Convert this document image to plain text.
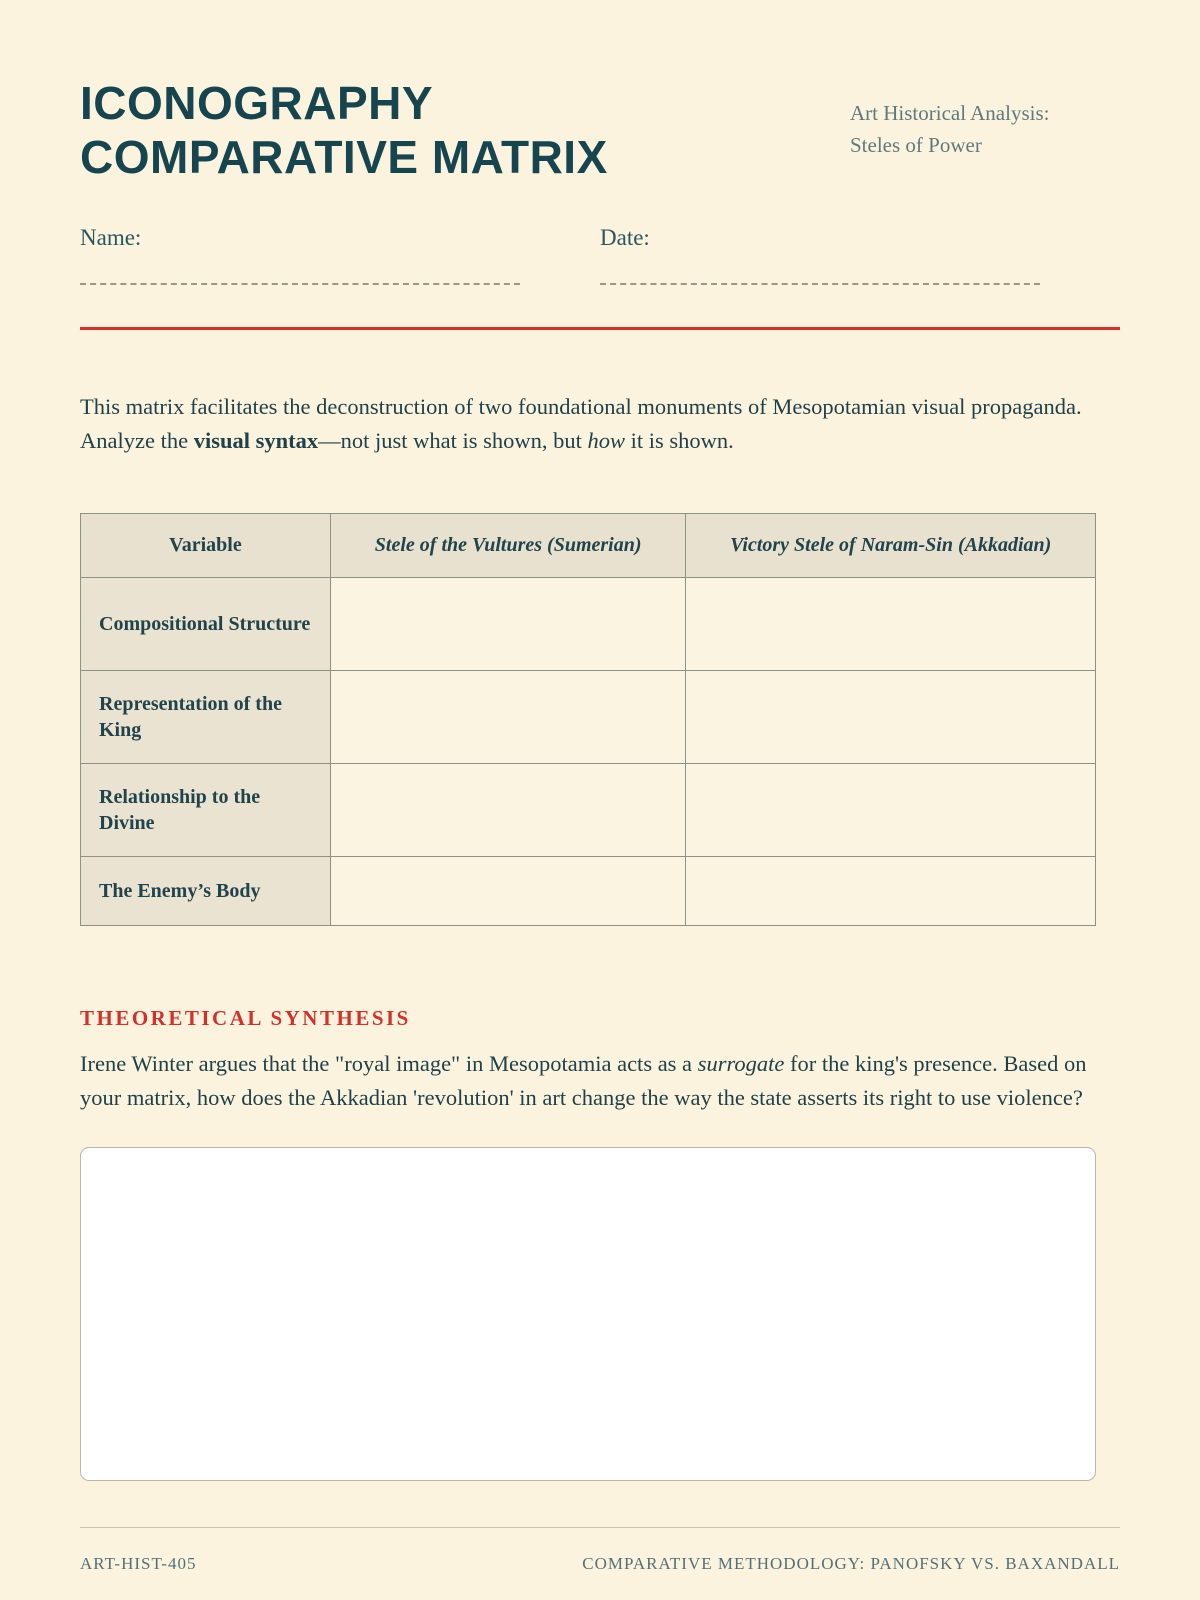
ICONOGRAPHY
COMPARATIVE MATRIX
Art Historical Analysis:
Steles of Power
Name:	Date:

This matrix facilitates the deconstruction of two foundational monuments of Mesopotamian visual propaganda. Analyze the visual syntax—not just what is shown, but how it is shown.

Variable	Stele of the Vultures (Sumerian)	Victory Stele of Naram-Sin (Akkadian)
Compositional Structure		
Representation of the King		
Relationship to the Divine		
The Enemy’s Body		
THEORETICAL SYNTHESIS

Irene Winter argues that the "royal image" in Mesopotamia acts as a surrogate for the king's presence. Based on your matrix, how does the Akkadian 'revolution' in art change the way the state asserts its right to use violence?

ART-HIST-405	COMPARATIVE METHODOLOGY: PANOFSKY VS. BAXANDALL
